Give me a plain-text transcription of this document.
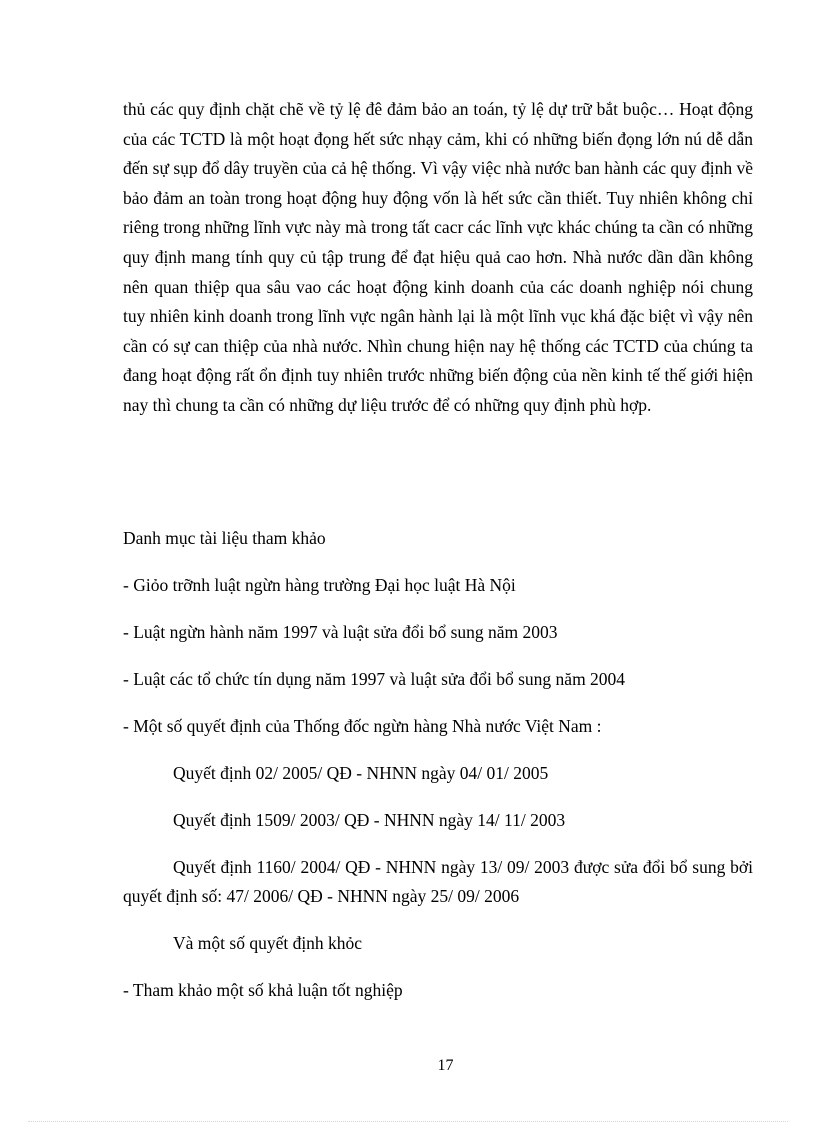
thủ các quy định chặt chẽ về tỷ lệ đê đảm bảo an toán, tỷ lệ dự trữ bắt buộc… Hoạt động của các TCTD là một hoạt đọng hết sức nhạy cảm, khi có những biến đọng lớn nú dễ dẫn đến sự sụp đổ dây truyền của cả hệ thống. Vì vậy việc nhà nước ban hành các quy định về bảo đảm an toàn trong hoạt động huy động vốn là hết sức cần thiết. Tuy nhiên không chỉ riêng trong những lĩnh vực này mà trong tất cacr các lĩnh vực khác chúng ta cần có những quy định mang tính quy củ tập trung để đạt hiệu quả cao hơn. Nhà nước dần dần không nên quan thiệp qua sâu vao các hoạt động kinh doanh của các doanh nghiệp nói chung tuy nhiên kinh doanh trong lĩnh vực ngân hành lại là một lĩnh vục khá đặc biệt vì vậy nên cần có sự can thiệp của nhà nước. Nhìn chung hiện nay hệ thống các TCTD của chúng ta đang hoạt động rất ổn định tuy nhiên trước những biến động của nền kinh tế thế giới hiện nay thì chung ta cần có những dự liệu trước để có những quy định phù hợp.

Danh mục tài liệu tham khảo
- Giỏo trỡnh luật ngừn hàng trường Đại học luật Hà Nội
- Luật ngừn hành năm 1997 và luật sửa đổi bổ sung năm 2003
- Luật các tổ chức tín dụng năm 1997 và luật sửa đổi bổ sung năm 2004
- Một số quyết định của Thống đốc ngừn hàng Nhà nước Việt Nam :
Quyết định 02/ 2005/ QĐ - NHNN ngày 04/ 01/ 2005
Quyết định 1509/ 2003/ QĐ - NHNN ngày 14/ 11/ 2003
Quyết định 1160/ 2004/ QĐ - NHNN ngày 13/ 09/ 2003 được sửa đổi bổ sung bởi quyết định số: 47/ 2006/ QĐ - NHNN ngày 25/ 09/ 2006
Và một số quyết định khỏc
- Tham khảo một số khả luận tốt nghiệp
17
